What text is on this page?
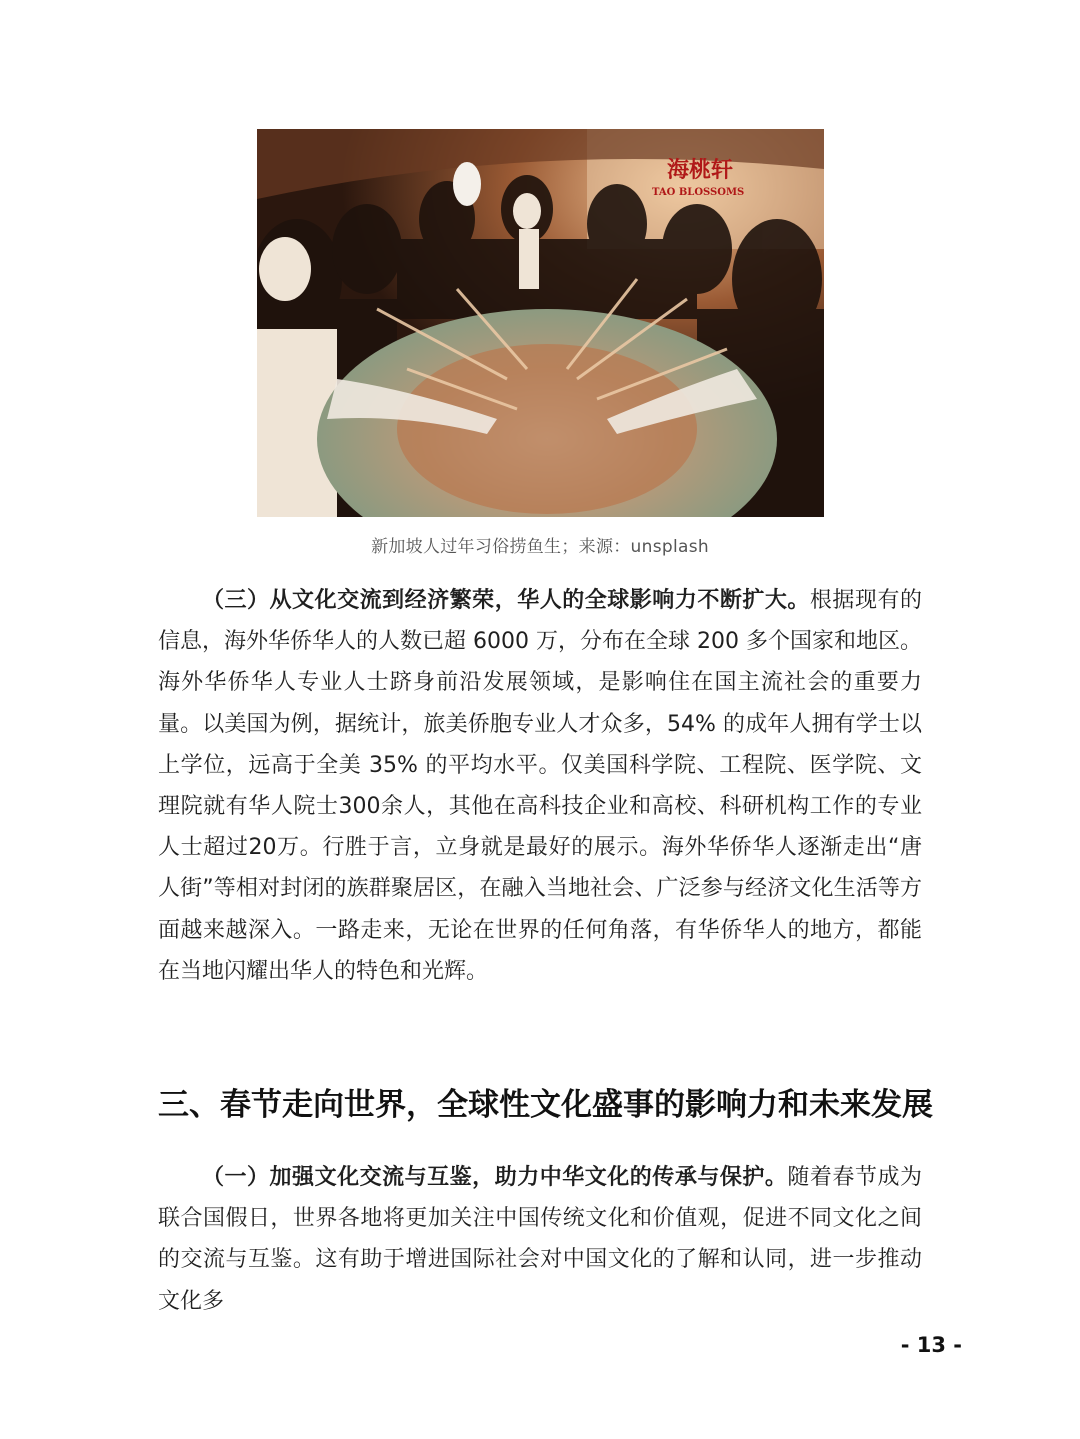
海桃轩
TAO BLOSSOMS
新加坡人过年习俗捞鱼生；来源：unsplash

（三）从文化交流到经济繁荣，华人的全球影响力不断扩大。根据现有的信息，海外华侨华人的人数已超 6000 万，分布在全球 200 多个国家和地区。海外华侨华人专业人士跻身前沿发展领域，是影响住在国主流社会的重要力量。以美国为例，据统计，旅美侨胞专业人才众多，54% 的成年人拥有学士以上学位，远高于全美 35% 的平均水平。仅美国科学院、工程院、医学院、文理院就有华人院士300余人，其他在高科技企业和高校、科研机构工作的专业人士超过20万。行胜于言，立身就是最好的展示。海外华侨华人逐渐走出“唐人街”等相对封闭的族群聚居区，在融入当地社会、广泛参与经济文化生活等方面越来越深入。一路走来，无论在世界的任何角落，有华侨华人的地方，都能在当地闪耀出华人的特色和光辉。

三、春节走向世界，全球性文化盛事的影响力和未来发展

（一）加强文化交流与互鉴，助力中华文化的传承与保护。随着春节成为联合国假日，世界各地将更加关注中国传统文化和价值观，促进不同文化之间的交流与互鉴。这有助于增进国际社会对中国文化的了解和认同，进一步推动文化多

- 13 -
